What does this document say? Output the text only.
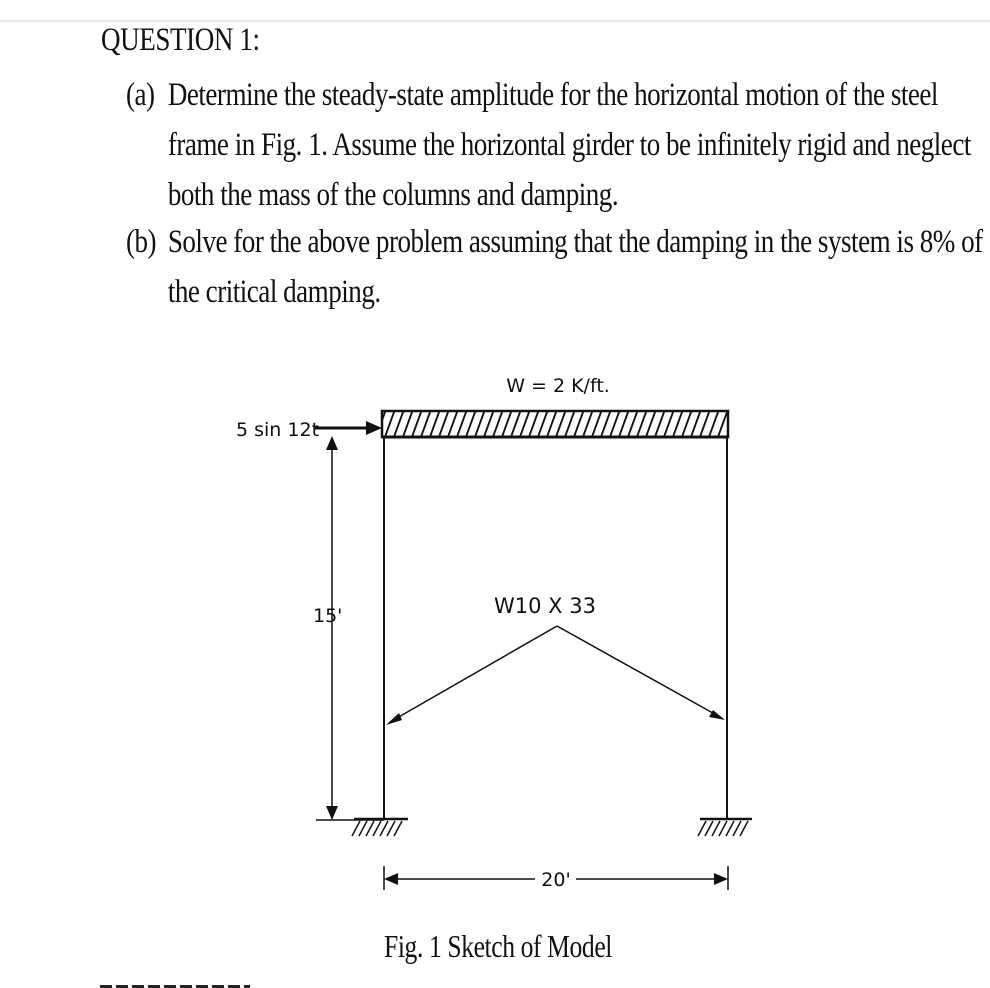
QUESTION 1:
(a) Determine the steady-state amplitude for the horizontal motion of the steel
frame in Fig. 1. Assume the horizontal girder to be infinitely rigid and neglect
both the mass of the columns and damping.
(b) Solve for the above problem assuming that the damping in the system is 8% of
the critical damping.
W = 2 K/ft.
5 sin 12t
15'	W10 X 33
20'
Fig. 1 Sketch of Model
